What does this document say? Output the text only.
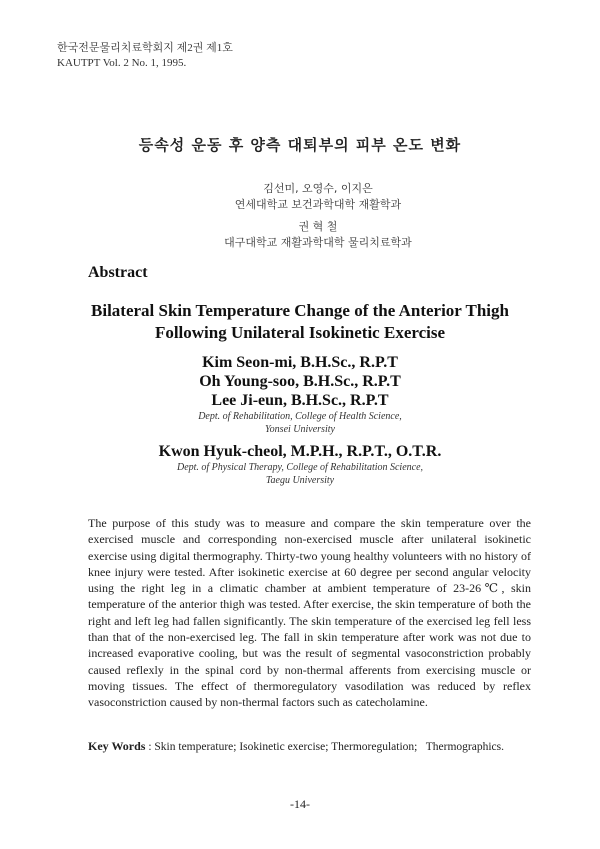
한국전문물리치료학회지 제2권 제1호
KAUTPT Vol. 2 No. 1, 1995.
등속성 운동 후 양측 대퇴부의 피부 온도 변화
김선미, 오영수, 이지은
연세대학교 보건과학대학 재활학과
권 혁 철
대구대학교 재활과학대학 물리치료학과
Abstract
Bilateral Skin Temperature Change of the Anterior Thigh
Following Unilateral Isokinetic Exercise
Kim Seon-mi, B.H.Sc., R.P.T
Oh Young-soo, B.H.Sc., R.P.T
Lee Ji-eun, B.H.Sc., R.P.T
Dept. of Rehabilitation, College of Health Science,
Yonsei University
Kwon Hyuk-cheol, M.P.H., R.P.T., O.T.R.
Dept. of Physical Therapy, College of Rehabilitation Science,
Taegu University
The purpose of this study was to measure and compare the skin temperature over the exercised muscle and corresponding non-exercised muscle after unilateral isokinetic exercise using digital thermography. Thirty-two young healthy volunteers with no history of knee injury were tested. After isokinetic exercise at 60 degree per second angular velocity using the right leg in a climatic chamber at ambient temperature of 23-26℃, skin temperature of the anterior thigh was tested. After exercise, the skin temperature of both the right and left leg had fallen significantly. The skin temperature of the exercised leg fell less than that of the non-exercised leg. The fall in skin temperature after work was not due to increased evaporative cooling, but was the result of segmental vasoconstriction probably caused reflexly in the spinal cord by non-thermal afferents from exercising muscle or moving tissues. The effect of thermoregulatory vasodilation was reduced by reflex vasoconstriction caused by non-thermal factors such as catecholamine.
Key Words : Skin temperature; Isokinetic exercise; Thermoregulation;   Thermographics.
-14-
